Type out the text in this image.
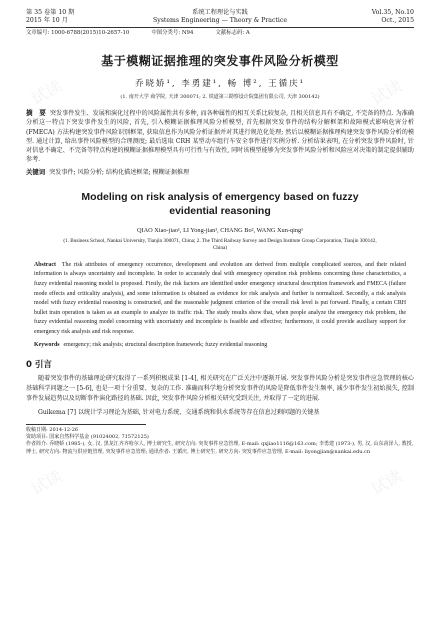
第 35 卷第 10 期	系统工程理论与实践	Vol.35, No.10
2015 年 10 月	Systems Engineering — Theory & Practice	Oct., 2015
文章编号: 1000-6788(2015)10-2657-10	中图分类号: N94	文献标志码: A
基于模糊证据推理的突发事件风险分析模型
乔晓娇¹, 李勇建¹, 畅 博², 王循庆¹
(1. 南开大学 商学院, 天津 300071; 2. 铁道第三勘察设计院集团有限公司, 天津 300142)
摘　要 突发事件发生、发展和演化过程中的风险属性共有多种, 而各种属性的相互关系比较复杂, 且相关信息具有不确定, 不完备的特点. 为准确分析这一特点下突发事件发生的风险, 首先, 引入模糊证据推理风险分析模型, 首先根据突发事件的结构分解框架和故障模式影响危害分析 (FMECA) 方法构建突发事件风险识别框架, 获取信息作为风险分析证据并对其进行规范化处理; 然后以模糊证据推理构建突发事件风险分析的模型. 通过计算, 给出事件风险模型的合理测度; 最后选取 CRH 某型动车组行车安全事件进行实例分析. 分析结果表明, 在分析突发事件风险时, 针对信息不确定、不完备等特点构建的模糊证据推理模型具有可行性与有效性, 同时该模型能够为突发事件风险分析和风险应对决策的制定提供辅助参考.
关键词 突发事件; 风险分析; 结构化描述框架; 模糊证据推理
Modeling on risk analysis of emergency based on fuzzy evidential reasoning
QIAO Xiao-jiao¹, LI Yong-jian¹, CHANG Bo², WANG Xun-qing¹
(1. Business School, Nankai University, Tianjin 300071, China; 2. The Third Railway Survey and Design Institute Group Corporation, Tianjin 300142, China)
Abstract The risk attributes of emergency occurrence, development and evolution are derived from multiple complicated sources, and their related information is always uncertainty and incomplete. In order to accurately deal with emergency operation risk problems concerning these characteristics, a fuzzy evidential reasoning model is proposed. Firstly, the risk factors are identified under emergency structural description framework and FMECA (failure mode effects and criticality analysis), and some information is obtained as evidence for risk analysis and further is normalized. Secondly, a risk analysis model with fuzzy evidential reasoning is constructed, and the reasonable judgment criterion of the overall risk level is put forward. Finally, a certain CRH bullet train operation is taken as an example to analyze its traffic risk. The study results show that, when people analyze the emergency risk problem, the fuzzy evidential reasoning model concerning with uncertainty and incomplete is feasible and effective; furthermore, it could provide auxiliary support for emergency risk analysis and risk response.
Keywords emergency; risk analysis; structural description framework; fuzzy evidential reasoning
0 引言
随着突发事件的基础理论研究取得了一系列积极成果 [1-4], 相关研究在广泛关注中逐渐开展. 突发事件风险分析是突发事件应急管理的核心基础科学问题之一 [5-6], 也是一项十分重要、复杂的工作. 准确而科学地分析突发事件的风险是降低事件发生频率, 减少事件发生初始损失, 控制事件发展趋势以及切断事件演化路径的基础. 因此, 突发事件风险分析相关研究受到关注, 并取得了一定的进展.
Guikema [7] 以统计学习理论为基础, 针对电力系统、交通系统和供水系统等存在信息过剩问题的关键基
收稿日期: 2014-12-26
资助项目: 国家自然科学基金 (91024002, 71572125)
作者简介: 乔晓娇 (1985-), 女, 汉, 黑龙江齐齐哈尔人, 博士研究生, 研究方向: 突发事件应急管理, E-mail: qxjiao1116@163.com; 李勇建 (1973-), 男, 汉, 山东菏泽人, 教授, 博士, 研究方向: 物流与供应链管理, 突发事件应急管理; 通讯作者: 王循庆, 博士研究生, 研究方向: 突发事件应急管理, E-mail: liyongjian@nankai.edu.cn
试读	试读
试读
试读	试读
